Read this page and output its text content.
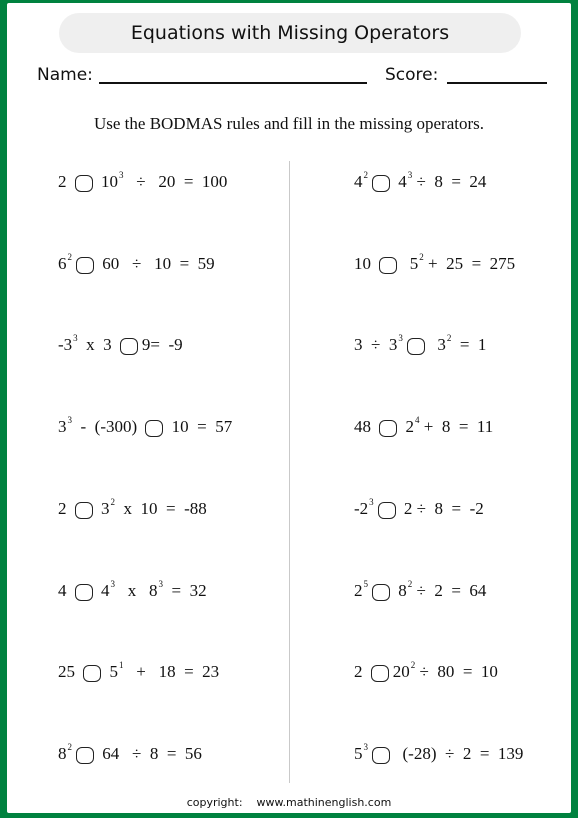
Equations with Missing Operators
Name:	Score:
Use the BODMAS rules and fill in the missing operators.
2 $10^3 \div 20 = 100$
$6^2$ 60   ÷   10  =  59
$-3^3$ x  3 9=  -9
$3^3 - (-300) 10 = 57$
2 $3^2$ x  10  =  -88
4 $4^3$ x   $8^3 = 32$
25 $5^1 + 18 = 23$
$8^2$ 64   ÷  8  =  56
$4^2$ $4^3 \div 8 = 24$
10 $5^2 + 25 = 275$
$3 \div 3^3$ $3^2 = 1$
48 $2^4 + 8 = 11$
$-2^3$ 2 ÷  8  =  -2
$2^5$ $8^2 \div 2 = 64$
2 $20^2 \div 80 = 10$
$5^3$ (-28)  ÷  2  =  139
copyright:    www.mathinenglish.com
